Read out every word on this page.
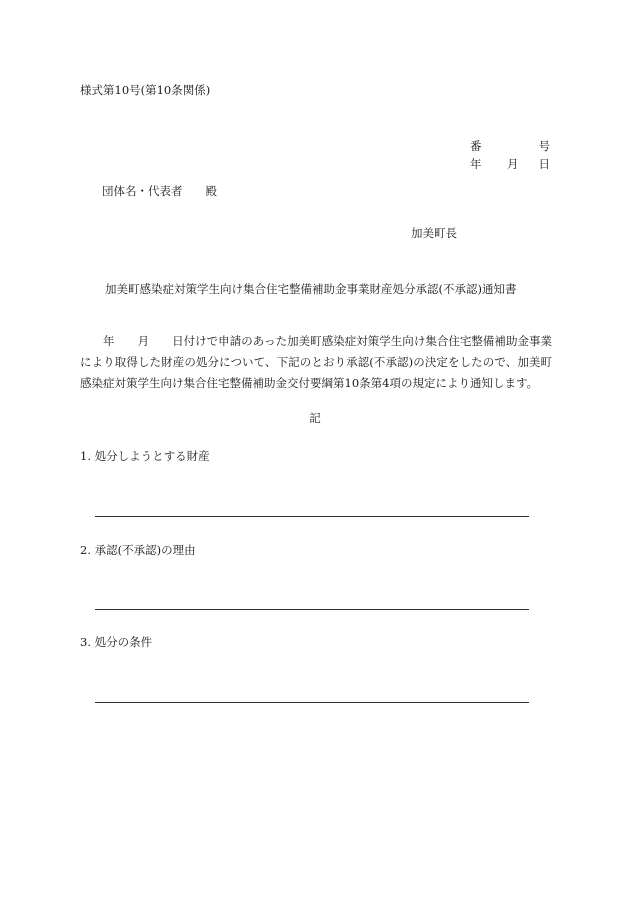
様式第10号(第10条関係)
番	号
年 月 日
団体名・代表者　　殿
加美町長
加美町感染症対策学生向け集合住宅整備補助金事業財産処分承認(不承認)通知書
　　年　　月　　日付けで申請のあった加美町感染症対策学生向け集合住宅整備補助金事業により取得した財産の処分について、下記のとおり承認(不承認)の決定をしたので、加美町感染症対策学生向け集合住宅整備補助金交付要綱第10条第4項の規定により通知します。
記
1. 処分しようとする財産
2. 承認(不承認)の理由
3. 処分の条件
